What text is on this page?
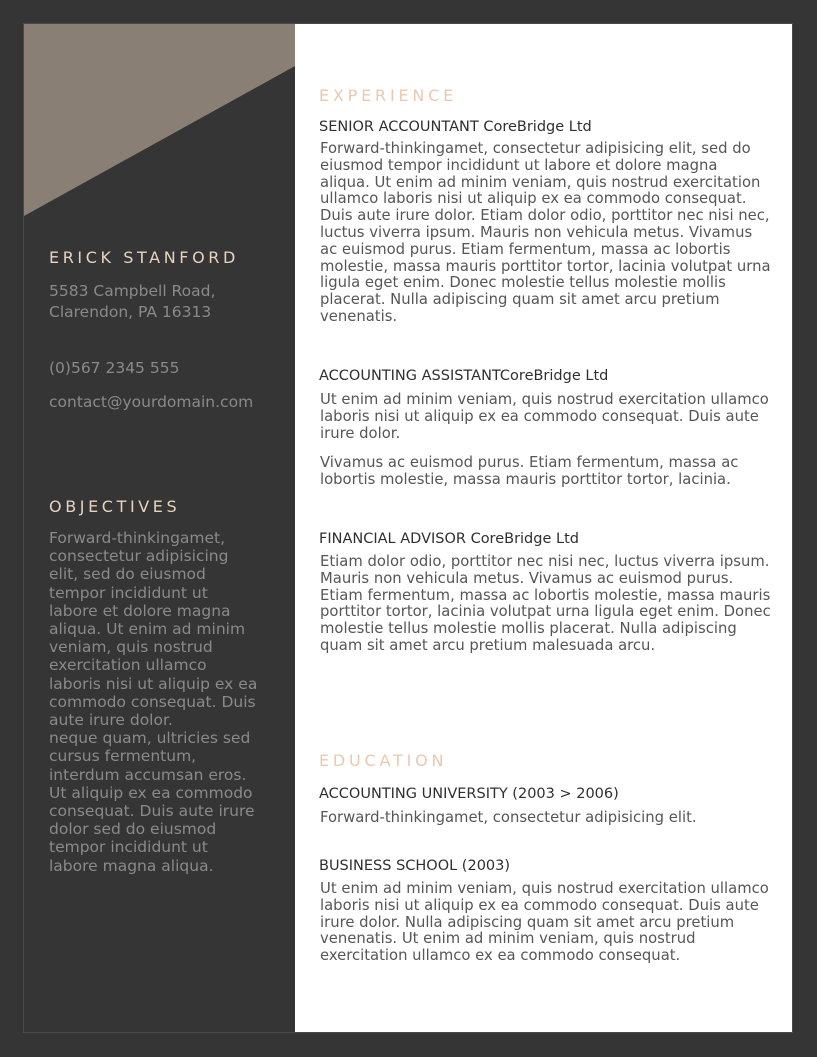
ERICK STANFORD

5583 Campbell Road, Clarendon, PA 16313

(0)567 2345 555

contact@yourdomain.com

OBJECTIVES

Forward-thinkingamet, consectetur adipisicing elit, sed do eiusmod tempor incididunt ut labore et dolore magna aliqua. Ut enim ad minim veniam, quis nostrud exercitation ullamco laboris nisi ut aliquip ex ea commodo consequat. Duis aute irure dolor.

neque quam, ultricies sed cursus fermentum, interdum accumsan eros.

Ut aliquip ex ea commodo consequat. Duis aute irure dolor sed do eiusmod tempor incididunt ut labore magna aliqua.

EXPERIENCE
SENIOR ACCOUNTANT CoreBridge Ltd

Forward-thinkingamet, consectetur adipisicing elit, sed do eiusmod tempor incididunt ut labore et dolore magna aliqua. Ut enim ad minim veniam, quis nostrud exercitation ullamco laboris nisi ut aliquip ex ea commodo consequat. Duis aute irure dolor. Etiam dolor odio, porttitor nec nisi nec, luctus viverra ipsum. Mauris non vehicula metus. Vivamus ac euismod purus. Etiam fermentum, massa ac lobortis molestie, massa mauris porttitor tortor, lacinia volutpat urna ligula eget enim. Donec molestie tellus molestie mollis placerat. Nulla adipiscing quam sit amet arcu pretium venenatis.

ACCOUNTING ASSISTANTCoreBridge Ltd

Ut enim ad minim veniam, quis nostrud exercitation ullamco laboris nisi ut aliquip ex ea commodo consequat. Duis aute irure dolor.

Vivamus ac euismod purus. Etiam fermentum, massa ac lobortis molestie, massa mauris porttitor tortor, lacinia.

FINANCIAL ADVISOR CoreBridge Ltd

Etiam dolor odio, porttitor nec nisi nec, luctus viverra ipsum. Mauris non vehicula metus. Vivamus ac euismod purus. Etiam fermentum, massa ac lobortis molestie, massa mauris porttitor tortor, lacinia volutpat urna ligula eget enim. Donec molestie tellus molestie mollis placerat. Nulla adipiscing quam sit amet arcu pretium malesuada arcu.

EDUCATION
ACCOUNTING UNIVERSITY (2003 > 2006)

Forward-thinkingamet, consectetur adipisicing elit.

BUSINESS SCHOOL (2003)

Ut enim ad minim veniam, quis nostrud exercitation ullamco laboris nisi ut aliquip ex ea commodo consequat. Duis aute irure dolor. Nulla adipiscing quam sit amet arcu pretium venenatis. Ut enim ad minim veniam, quis nostrud exercitation ullamco ex ea commodo consequat.
